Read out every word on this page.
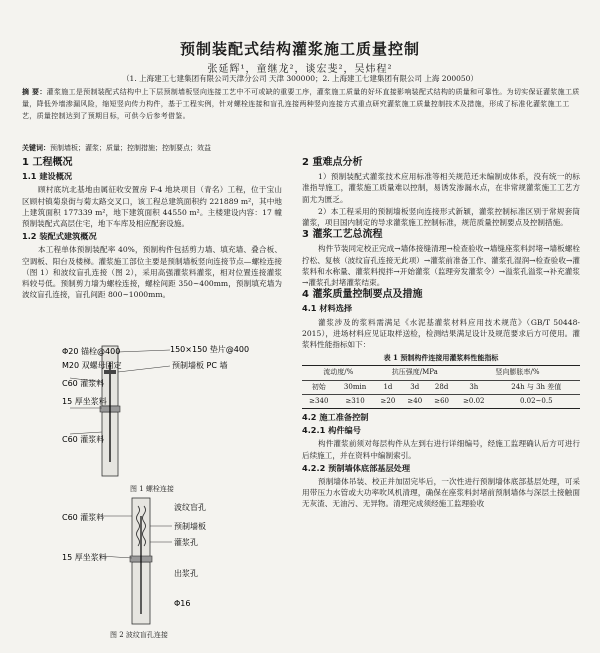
预制装配式结构灌浆施工质量控制
张延辉¹，童继龙²，谈宏斐²，吴炜程²
（1. 上海建工七建集团有限公司天津分公司 天津 300000；2. 上海建工七建集团有限公司 上海 200050）
摘 要：灌浆施工是预制装配式结构中上下层预制墙板竖向连接工艺中不可或缺的重要工序，灌浆施工质量的好坏直接影响装配式结构的质量和可靠性。为切实保证灌浆施工质量，降低外墙渗漏风险，缩短竖向传力构件，基于工程实例，针对螺栓连接和盲孔连接两种竖向连接方式重点研究灌浆施工质量控制技术及措施，形成了标准化灌浆施工工艺，质量控制达到了预期目标，可供今后参考借鉴。
关键词：预制墙板；灌浆；质量；控制措施；控制要点；效益
1 工程概况
1.1 建设概况

顾村底坑北基地由属征收安置房 F-4 地块项目（青名）工程，位于宝山区顾村镇菊泉街与菊太路交叉口，该工程总建筑面积约 221889 m²，其中地上建筑面积 177339 m²，地下建筑面积 44550 m²。主楼建设内容：17 幢预制装配式高层住宅，地下车库及相应配套设施。

1.2 装配式建筑概况

本工程单体预制装配率 40%，预制构件包括剪力墙、填充墙、叠合板、空调板、阳台及楼梯。灌浆施工部位主要是预制墙板竖向连接节点—螺栓连接（图 1）和波纹盲孔连接（图 2），采用高强灌浆料灌浆，相对位置连接灌浆料较号低。预制剪力墙为螺栓连接，螺栓间距 350~400mm，预制填充墙为波纹盲孔连接，盲孔间距 800~1000mm。

Φ20 锚栓@400
M20 双螺母固定
150×150 垫片@400
预制墙板 PC 墙
C60 灌浆料
15 厚坐浆料
C60 灌浆料
图 1 螺栓连接
C60 灌浆料
15 厚坐浆料
波纹盲孔
预制墙板
灌浆孔
出浆孔
Φ16
图 2 波纹盲孔连接
2 重难点分析

1）预制装配式灌浆技术应用标准等相关规范还未编制成体系，没有统一的标准指导施工，灌浆施工质量难以控制，易诱发渗漏水点，在非常规灌浆施工工艺方面尤为匮乏。

2）本工程采用的预制墙板竖向连接形式新颖，灌浆控制标准区别于常规套筒灌浆，项目国内制定的导求灌浆施工控制标准，规范质量控制要点及控制措施。

3 灌浆工艺总流程

构件节装同定校正完成→墙体接缝清理→检查验收→墙缝座浆料封堵→墙板螺栓拧松、复核（波纹盲孔连接无此项）→灌浆前准备工作、灌浆孔湿润→检查验收→灌浆料和水称量、灌浆料搅拌→开始灌浆（监理旁发灌浆令）→溢浆孔溢浆→补充灌浆→灌浆孔封堵灌浆结束。

4 灌浆质量控制要点及措施
4.1 材料选择

灌浆涉及的浆料需满足《水泥基灌浆材料应用技术规范》（GB/T 50448-2015），进场材料应见证取样送检，检测结果满足设计及规范要求后方可使用。灌浆料性能指标如下：

表 1 预制构件连接用灌浆料性能指标
流动度/%		抗压强度/MPa			竖向膨胀率/%	
初始	30min	1d	3d	28d	3h	24h 与 3h 差值
≥340	≥310	≥20	≥40	≥60	≥0.02	0.02~0.5
4.2 施工准备控制
4.2.1 构件编号

构件灌浆前须对每层构件从左到右进行详细编号，经施工监理确认后方可进行后续施工，并在资料中编制索引。

4.2.2 预制墙体底部基层处理

预制墙体吊装、校正并加固完毕后，一次性进行预制墙体底部基层处理，可采用带压力水管或大功率吹风机清理，确保在座浆料封堵前预制墙体与深层土接触面无灰渣、无油污、无异物。清理完成须经施工监理验收
